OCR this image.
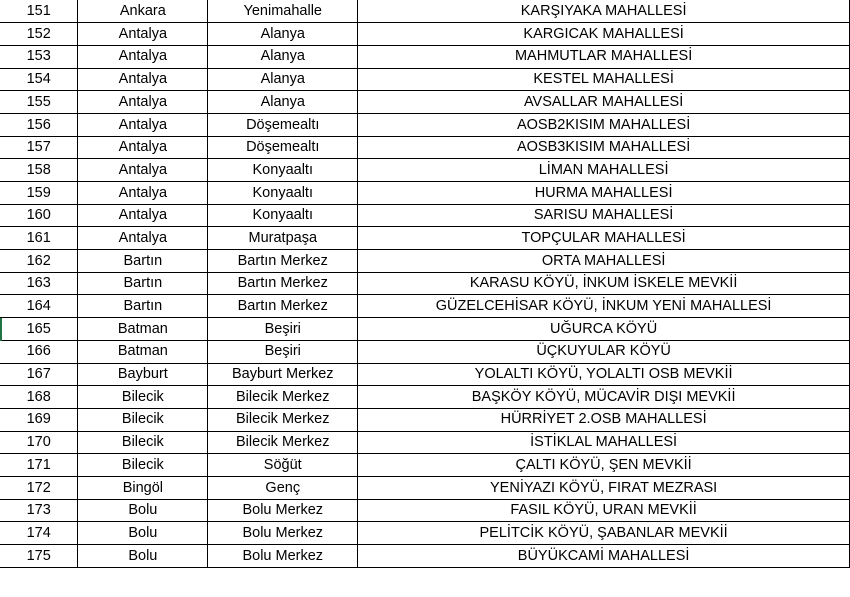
151	Ankara	Yenimahalle	KARŞIYAKA MAHALLESİ
152	Antalya	Alanya	KARGICAK MAHALLESİ
153	Antalya	Alanya	MAHMUTLAR MAHALLESİ
154	Antalya	Alanya	KESTEL MAHALLESİ
155	Antalya	Alanya	AVSALLAR MAHALLESİ
156	Antalya	Döşemealtı	AOSB2KISIM MAHALLESİ
157	Antalya	Döşemealtı	AOSB3KISIM MAHALLESİ
158	Antalya	Konyaaltı	LİMAN MAHALLESİ
159	Antalya	Konyaaltı	HURMA MAHALLESİ
160	Antalya	Konyaaltı	SARISU MAHALLESİ
161	Antalya	Muratpaşa	TOPÇULAR MAHALLESİ
162	Bartın	Bartın Merkez	ORTA MAHALLESİ
163	Bartın	Bartın Merkez	KARASU KÖYÜ, İNKUM İSKELE MEVKİİ
164	Bartın	Bartın Merkez	GÜZELCEHİSAR KÖYÜ, İNKUM YENİ MAHALLESİ
165	Batman	Beşiri	UĞURCA KÖYÜ
166	Batman	Beşiri	ÜÇKUYULAR KÖYÜ
167	Bayburt	Bayburt Merkez	YOLALTI KÖYÜ, YOLALTI OSB MEVKİİ
168	Bilecik	Bilecik Merkez	BAŞKÖY KÖYÜ, MÜCAVİR DIŞI MEVKİİ
169	Bilecik	Bilecik Merkez	HÜRRİYET 2.OSB MAHALLESİ
170	Bilecik	Bilecik Merkez	İSTİKLAL MAHALLESİ
171	Bilecik	Söğüt	ÇALTI KÖYÜ, ŞEN MEVKİİ
172	Bingöl	Genç	YENİYAZI KÖYÜ, FIRAT MEZRASI
173	Bolu	Bolu Merkez	FASIL KÖYÜ, URAN MEVKİİ
174	Bolu	Bolu Merkez	PELİTCİK KÖYÜ, ŞABANLAR MEVKİİ
175	Bolu	Bolu Merkez	BÜYÜKCAMİ MAHALLESİ
